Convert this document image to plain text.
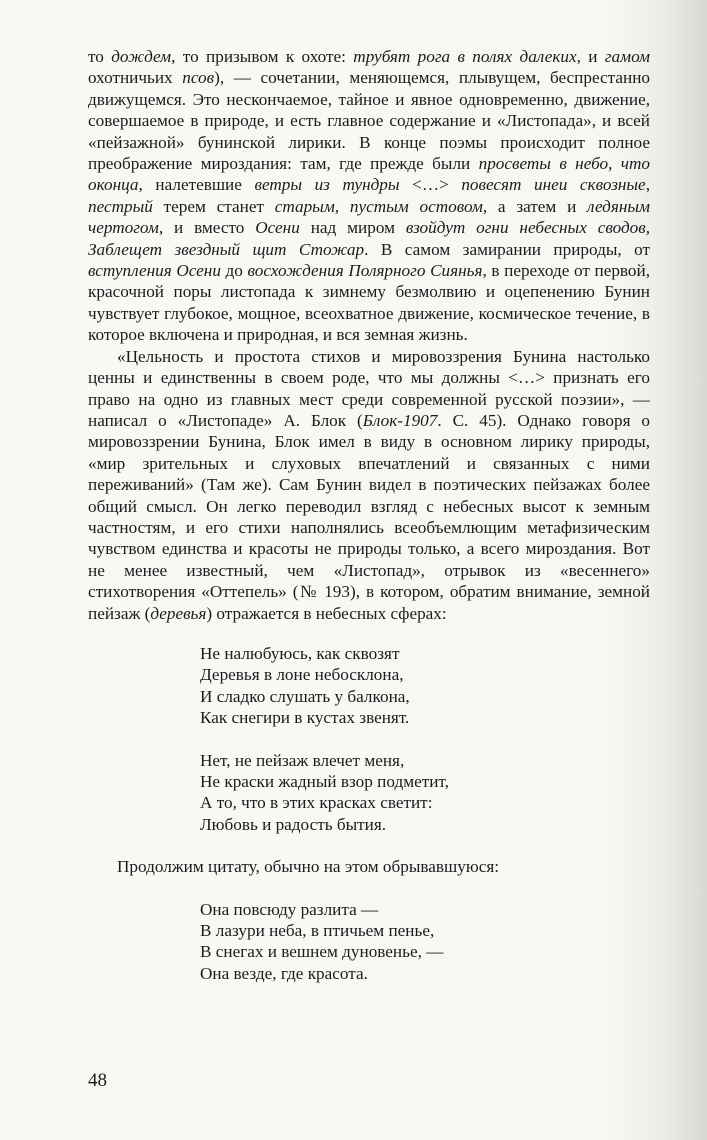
то дождем, то призывом к охоте: трубят рога в полях далеких, и гамом охотничьих псов), — сочетании, меняющемся, плывущем, беспрестанно движущемся. Это нескончаемое, тайное и явное одновременно, движение, совершаемое в природе, и есть главное содержание и «Листопада», и всей «пейзажной» бунинской лирики. В конце поэмы происходит полное преображение мироздания: там, где прежде были просветы в небо, что оконца, налетевшие ветры из тундры <…> повесят инеи сквозные, пестрый терем станет старым, пустым остовом, а затем и ледяным чертогом, и вместо Осени над миром взойдут огни небесных сводов, Заблещет звездный щит Стожар. В самом замирании природы, от вступления Осени до восхождения Полярного Сиянья, в переходе от первой, красочной поры листопада к зимнему безмолвию и оцепенению Бунин чувствует глубокое, мощное, всеохватное движение, космическое течение, в которое включена и природная, и вся земная жизнь.

«Цельность и простота стихов и мировоззрения Бунина настолько ценны и единственны в своем роде, что мы должны <…> признать его право на одно из главных мест среди современной русской поэзии», — написал о «Листопаде» А. Блок (Блок-1907. С. 45). Однако говоря о мировоззрении Бунина, Блок имел в виду в основном лирику природы, «мир зрительных и слуховых впечатлений и связанных с ними переживаний» (Там же). Сам Бунин видел в поэтических пейзажах более общий смысл. Он легко переводил взгляд с небесных высот к земным частностям, и его стихи наполнялись всеобъемлющим метафизическим чувством единства и красоты не природы только, а всего мироздания. Вот не менее известный, чем «Листопад», отрывок из «весеннего» стихотворения «Оттепель» (№ 193), в котором, обратим внимание, земной пейзаж (деревья) отражается в небесных сферах:

Не налюбуюсь, как сквозят
Деревья в лоне небосклона,
И сладко слушать у балкона,
Как снегири в кустах звенят.
Нет, не пейзаж влечет меня,
Не краски жадный взор подметит,
А то, что в этих красках светит:
Любовь и радость бытия.

Продолжим цитату, обычно на этом обрывавшуюся:

Она повсюду разлита —
В лазури неба, в птичьем пенье,
В снегах и вешнем дуновенье, —
Она везде, где красота.
48
